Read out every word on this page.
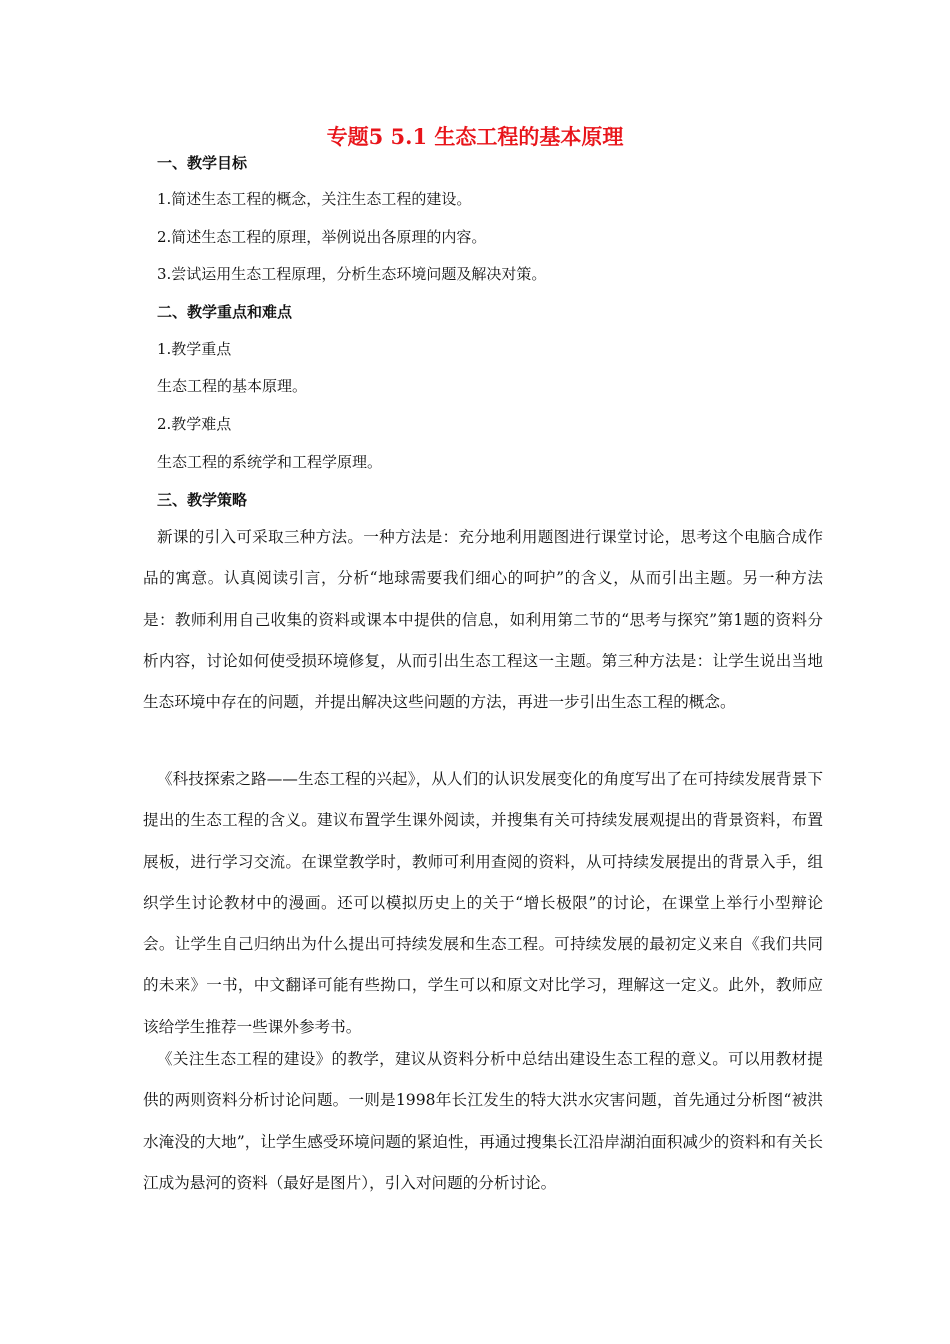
专题5 5.1 生态工程的基本原理
一、教学目标
1.简述生态工程的概念，关注生态工程的建设。
2.简述生态工程的原理，举例说出各原理的内容。
3.尝试运用生态工程原理，分析生态环境问题及解决对策。
二、教学重点和难点
1.教学重点
生态工程的基本原理。
2.教学难点
生态工程的系统学和工程学原理。
三、教学策略
新课的引入可采取三种方法。一种方法是：充分地利用题图进行课堂讨论，思考这个电脑合成作品的寓意。认真阅读引言，分析“地球需要我们细心的呵护”的含义，从而引出主题。另一种方法是：教师利用自己收集的资料或课本中提供的信息，如利用第二节的“思考与探究”第1题的资料分析内容，讨论如何使受损环境修复，从而引出生态工程这一主题。第三种方法是：让学生说出当地生态环境中存在的问题，并提出解决这些问题的方法，再进一步引出生态工程的概念。
《科技探索之路——生态工程的兴起》，从人们的认识发展变化的角度写出了在可持续发展背景下提出的生态工程的含义。建议布置学生课外阅读，并搜集有关可持续发展观提出的背景资料，布置展板，进行学习交流。在课堂教学时，教师可利用查阅的资料，从可持续发展提出的背景入手，组织学生讨论教材中的漫画。还可以模拟历史上的关于“增长极限”的讨论，在课堂上举行小型辩论会。让学生自己归纳出为什么提出可持续发展和生态工程。可持续发展的最初定义来自《我们共同的未来》一书，中文翻译可能有些拗口，学生可以和原文对比学习，理解这一定义。此外，教师应该给学生推荐一些课外参考书。
《关注生态工程的建设》的教学，建议从资料分析中总结出建设生态工程的意义。可以用教材提供的两则资料分析讨论问题。一则是1998年长江发生的特大洪水灾害问题，首先通过分析图“被洪水淹没的大地”，让学生感受环境问题的紧迫性，再通过搜集长江沿岸湖泊面积减少的资料和有关长江成为悬河的资料（最好是图片），引入对问题的分析讨论。
